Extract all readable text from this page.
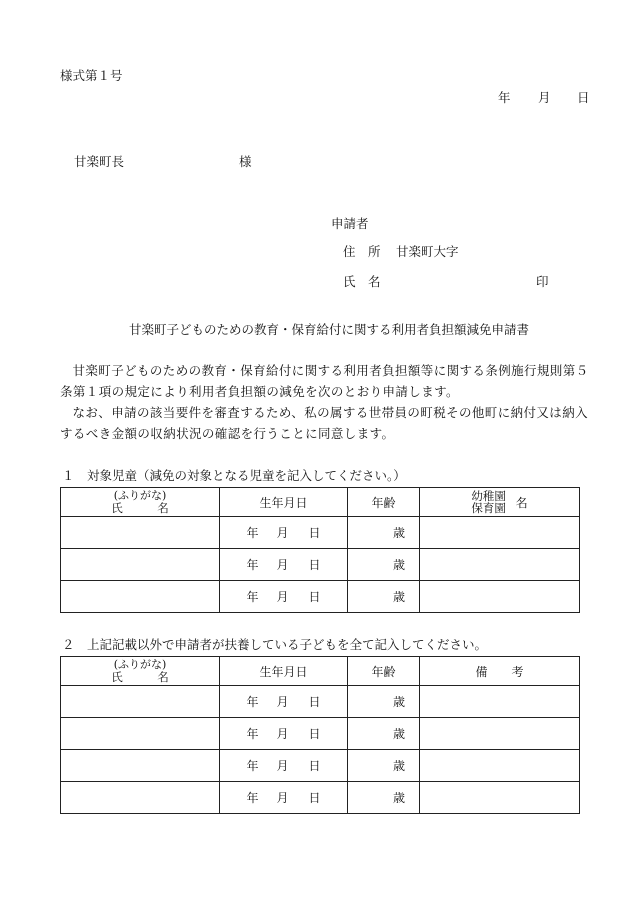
様式第１号
年 月 日
甘楽町長	様
申請者
住　所 甘楽町大字
氏　名	印
甘楽町子どものための教育・保育給付に関する利用者負担額減免申請書

甘楽町子どものための教育・保育給付に関する利用者負担額等に関する条例施行規則第５条第１項の規定により利用者負担額の減免を次のとおり申請します。

なお、申請の該当要件を審査するため、私の属する世帯員の町税その他町に納付又は納入するべき金額の収納状況の確認を行うことに同意します。

１　対象児童（減免の対象となる児童を記入してください。）
(ふりがな)
氏　　　名	生年月日	年齢	幼稚園
保育園 名
	年 月 日	歳	
	年 月 日	歳	
	年 月 日	歳	
２　上記記載以外で申請者が扶養している子どもを全て記入してください。
(ふりがな)
氏　　　名	生年月日	年齢	備　　考
	年 月 日	歳	
	年 月 日	歳	
	年 月 日	歳	
	年 月 日	歳	
